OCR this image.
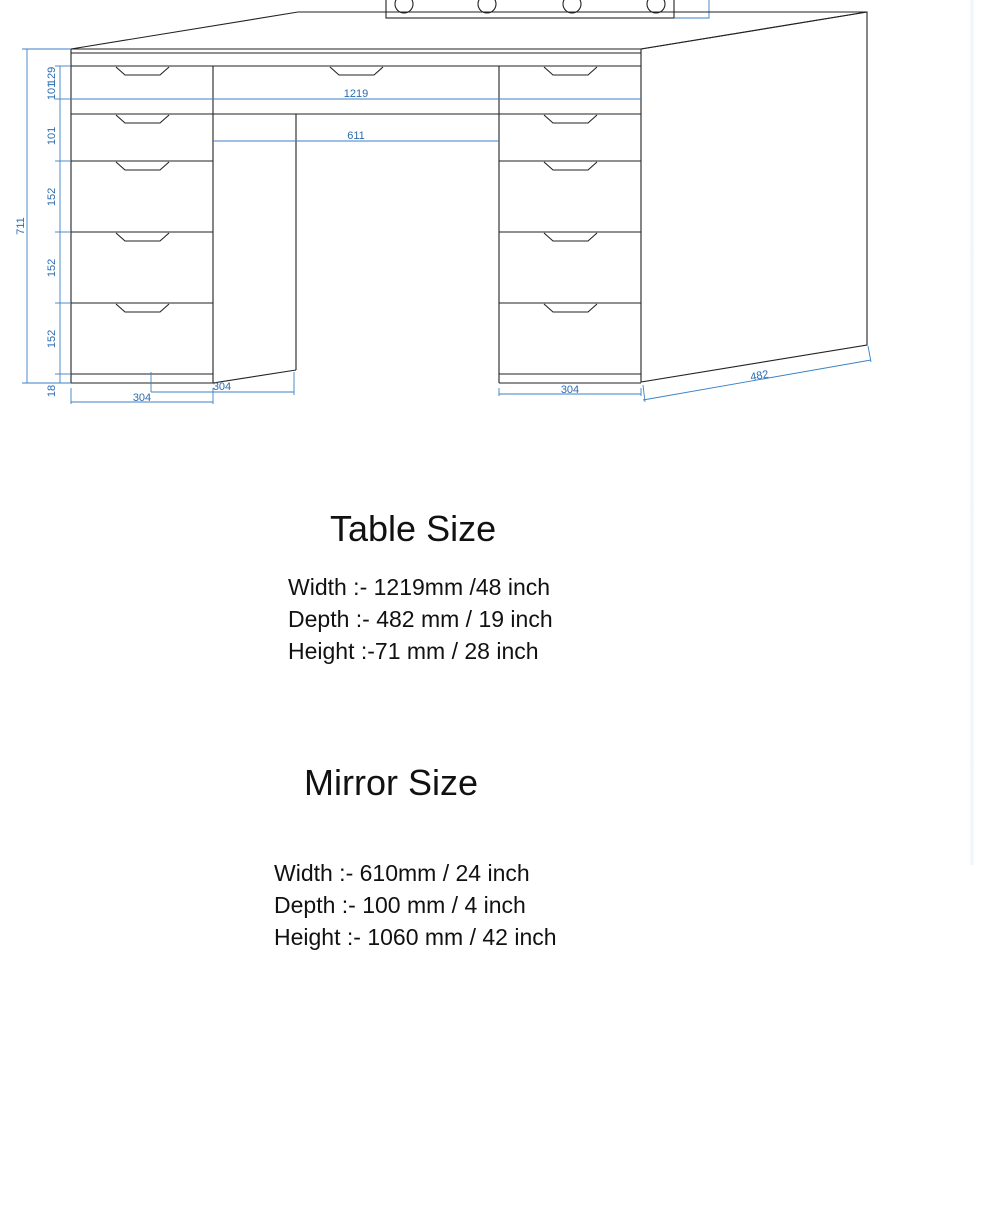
711
129
101
101
152
152
152
18
1219
611
304
304	304
482
Table Size
Width :- 1219mm /48 inch
Depth :- 482 mm / 19 inch
Height :-71 mm / 28 inch
Mirror Size
Width :- 610mm / 24 inch
Depth :- 100 mm / 4 inch
Height :- 1060 mm / 42 inch
